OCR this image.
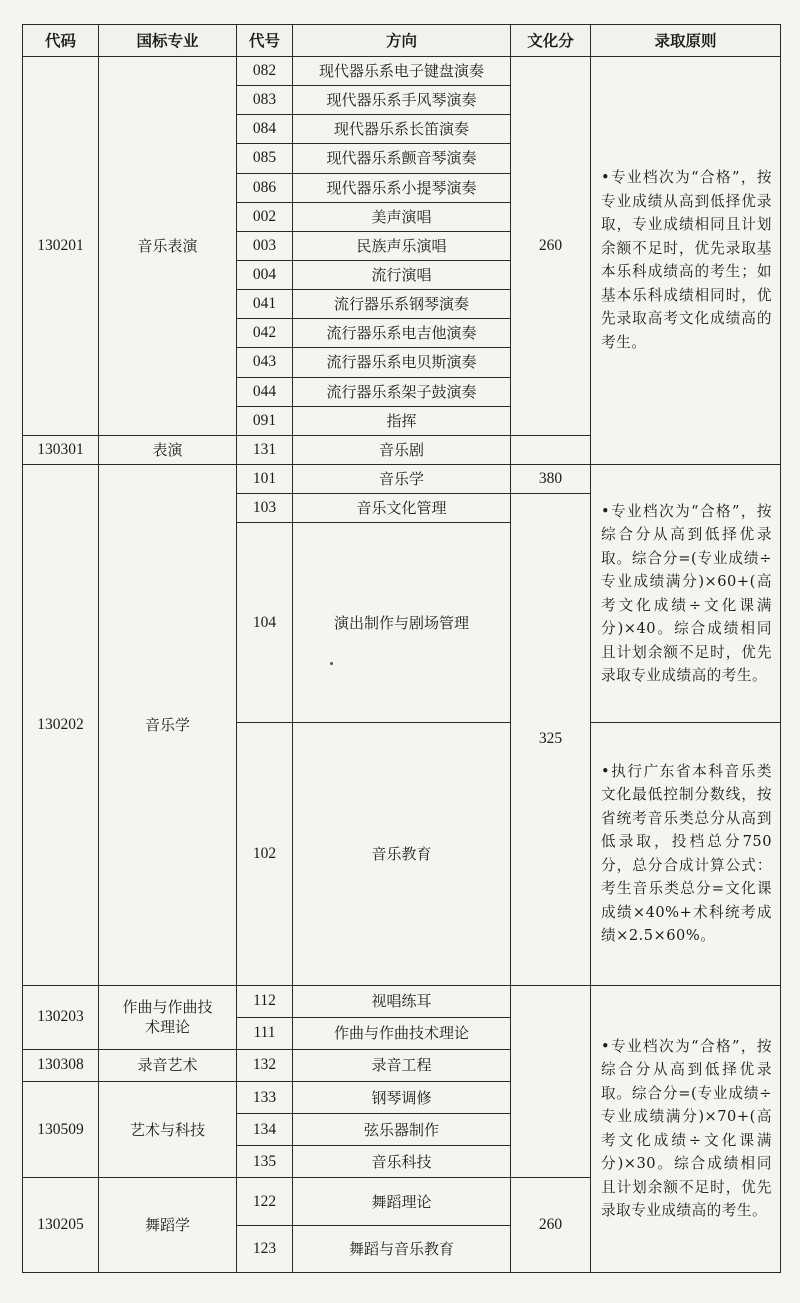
代码	国标专业	代号	方向	文化分	录取原则
130201	音乐表演	082	现代器乐系电子键盘演奏	260	•专业档次为“合格”，按专业成绩从高到低择优录取，专业成绩相同且计划余额不足时，优先录取基本乐科成绩高的考生；如基本乐科成绩相同时，优先录取高考文化成绩高的考生。

		083	现代器乐系手风琴演奏		
		084	现代器乐系长笛演奏		
		085	现代器乐系颤音琴演奏		
		086	现代器乐系小提琴演奏		
		002	美声演唱		
		003	民族声乐演唱		
		004	流行演唱		
		041	流行器乐系钢琴演奏		
		042	流行器乐系电吉他演奏		
		043	流行器乐系电贝斯演奏		
		044	流行器乐系架子鼓演奏		
		091	指挥		
130301	表演	131	音乐剧		
130202	音乐学	101	音乐学	380	•专业档次为“合格”，按综合分从高到低择优录取。综合分=(专业成绩÷专业成绩满分)×60+(高考文化成绩÷文化课满分)×40。综合成绩相同且计划余额不足时，优先录取专业成绩高的考生。

		103	音乐文化管理	325	
		104	演出制作与剧场管理		
		102	音乐教育		•执行广东省本科音乐类文化最低控制分数线，按省统考音乐类总分从高到低录取，投档总分750分，总分合成计算公式：考生音乐类总分=文化课成绩×40%+术科统考成绩×2.5×60%。

130203	作曲与作曲技术理论	112	视唱练耳		•专业档次为“合格”，按综合分从高到低择优录取。综合分=(专业成绩÷专业成绩满分)×70+(高考文化成绩÷文化课满分)×30。综合成绩相同且计划余额不足时，优先录取专业成绩高的考生。

		111	作曲与作曲技术理论		
130308	录音艺术	132	录音工程		
130509	艺术与科技	133	钢琴调修		
		134	弦乐器制作		
		135	音乐科技		
130205	舞蹈学	122	舞蹈理论	260	
		123	舞蹈与音乐教育		
